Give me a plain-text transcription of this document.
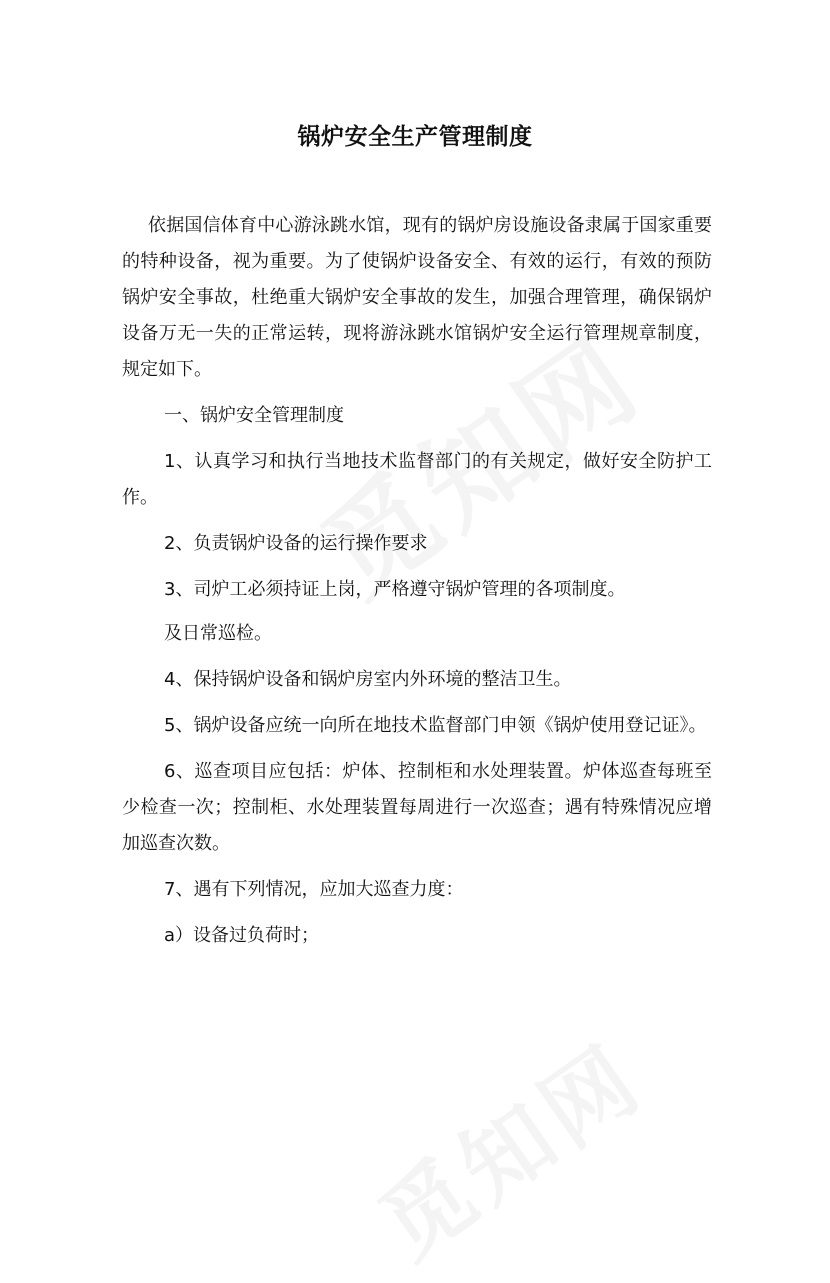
锅炉安全生产管理制度

依据国信体育中心游泳跳水馆，现有的锅炉房设施设备隶属于国家重要的特种设备，视为重要。为了使锅炉设备安全、有效的运行，有效的预防锅炉安全事故，杜绝重大锅炉安全事故的发生，加强合理管理，确保锅炉设备万无一失的正常运转，现将游泳跳水馆锅炉安全运行管理规章制度，规定如下。

一、锅炉安全管理制度

1、认真学习和执行当地技术监督部门的有关规定，做好安全防护工作。

2、负责锅炉设备的运行操作要求

3、司炉工必须持证上岗，严格遵守锅炉管理的各项制度。

及日常巡检。

4、保持锅炉设备和锅炉房室内外环境的整洁卫生。

5、锅炉设备应统一向所在地技术监督部门申领《锅炉使用登记证》。

6、巡查项目应包括：炉体、控制柜和水处理装置。炉体巡查每班至少检查一次；控制柜、水处理装置每周进行一次巡查；遇有特殊情况应增加巡查次数。

7、遇有下列情况，应加大巡查力度：

a）设备过负荷时；
